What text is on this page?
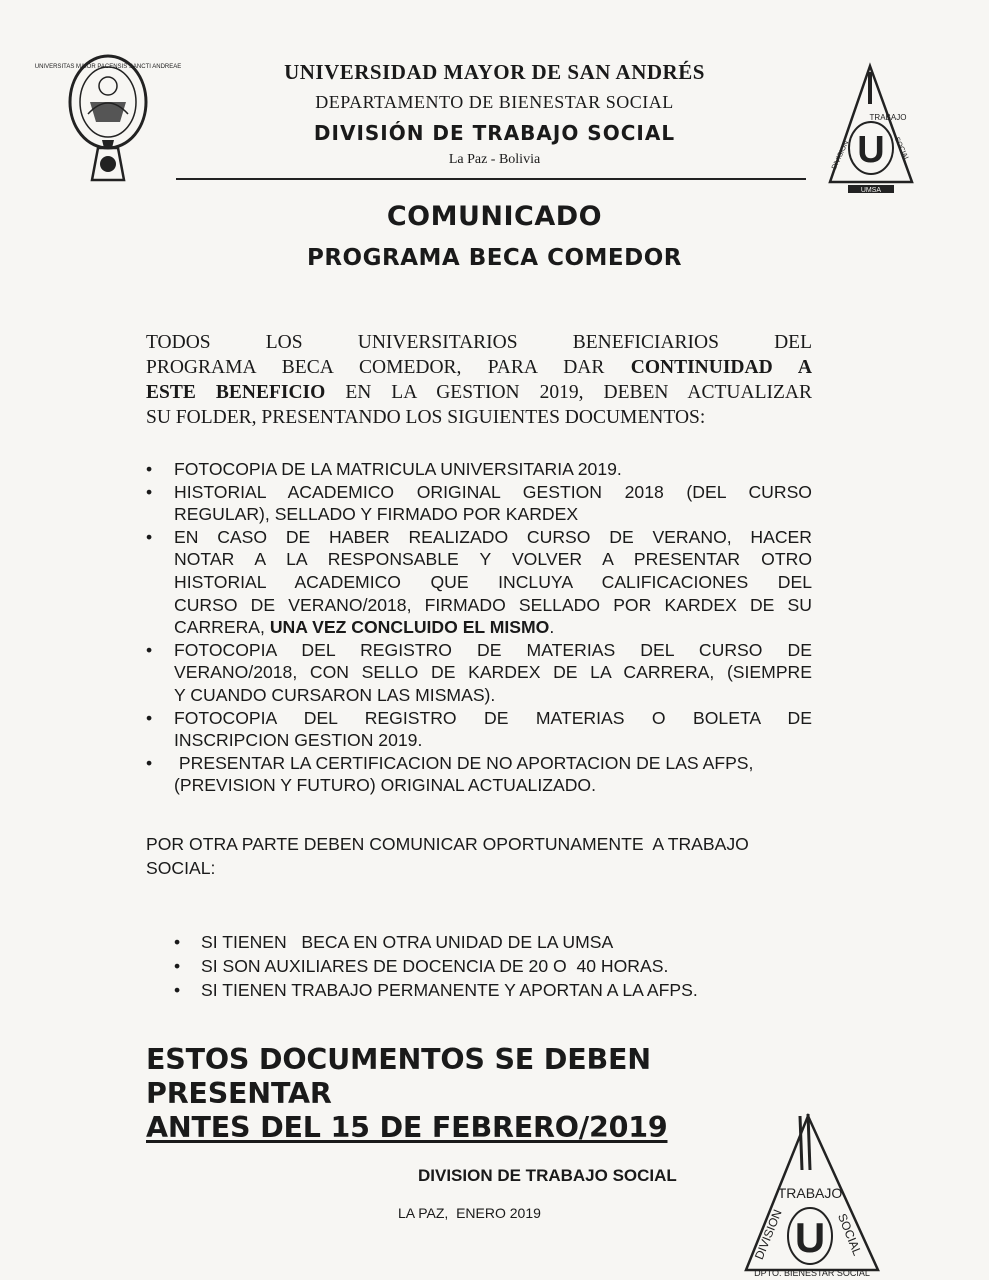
UNIVERSITAS MAIOR PACENSIS SANCTI ANDREAE	UNIVERSIDAD MAYOR DE SAN ANDRÉS
DEPARTAMENTO DE BIENESTAR SOCIAL
DIVISIÓN DE TRABAJO SOCIAL
La Paz - Bolivia	U
TRABAJO
DIVISION	SOCIAL
UMSA
COMUNICADO
PROGRAMA BECA COMEDOR
TODOS LOS UNIVERSITARIOS BENEFICIARIOS DEL
PROGRAMA BECA COMEDOR, PARA DAR CONTINUIDAD A
ESTE BENEFICIO EN LA GESTION 2019, DEBEN ACTUALIZAR
SU FOLDER, PRESENTANDO LOS SIGUIENTES DOCUMENTOS:
• FOTOCOPIA DE LA MATRICULA UNIVERSITARIA 2019.
• HISTORIAL ACADEMICO ORIGINAL GESTION 2018 (DEL CURSO
REGULAR), SELLADO Y FIRMADO POR KARDEX
• EN CASO DE HABER REALIZADO CURSO DE VERANO, HACER
NOTAR A LA RESPONSABLE Y VOLVER A PRESENTAR OTRO
HISTORIAL ACADEMICO QUE INCLUYA CALIFICACIONES DEL
CURSO DE VERANO/2018, FIRMADO SELLADO POR KARDEX DE SU
CARRERA, UNA VEZ CONCLUIDO EL MISMO.
• FOTOCOPIA DEL REGISTRO DE MATERIAS DEL CURSO DE
VERANO/2018, CON SELLO DE KARDEX DE LA CARRERA, (SIEMPRE
Y CUANDO CURSARON LAS MISMAS).
• FOTOCOPIA DEL REGISTRO DE MATERIAS O BOLETA DE
INSCRIPCION GESTION 2019.
• PRESENTAR LA CERTIFICACION DE NO APORTACION DE LAS AFPS,
(PREVISION Y FUTURO) ORIGINAL ACTUALIZADO.
POR OTRA PARTE DEBEN COMUNICAR OPORTUNAMENTE  A TRABAJO
SOCIAL:
• SI TIENEN   BECA EN OTRA UNIDAD DE LA UMSA
• SI SON AUXILIARES DE DOCENCIA DE 20 O  40 HORAS.
• SI TIENEN TRABAJO PERMANENTE Y APORTAN A LA AFPS.
ESTOS DOCUMENTOS SE DEBEN PRESENTAR
ANTES DEL 15 DE FEBRERO/2019
DIVISION DE TRABAJO SOCIAL
LA PAZ,  ENERO 2019
U
TRABAJO
DIVISION	SOCIAL
DPTO. BIENESTAR SOCIAL
